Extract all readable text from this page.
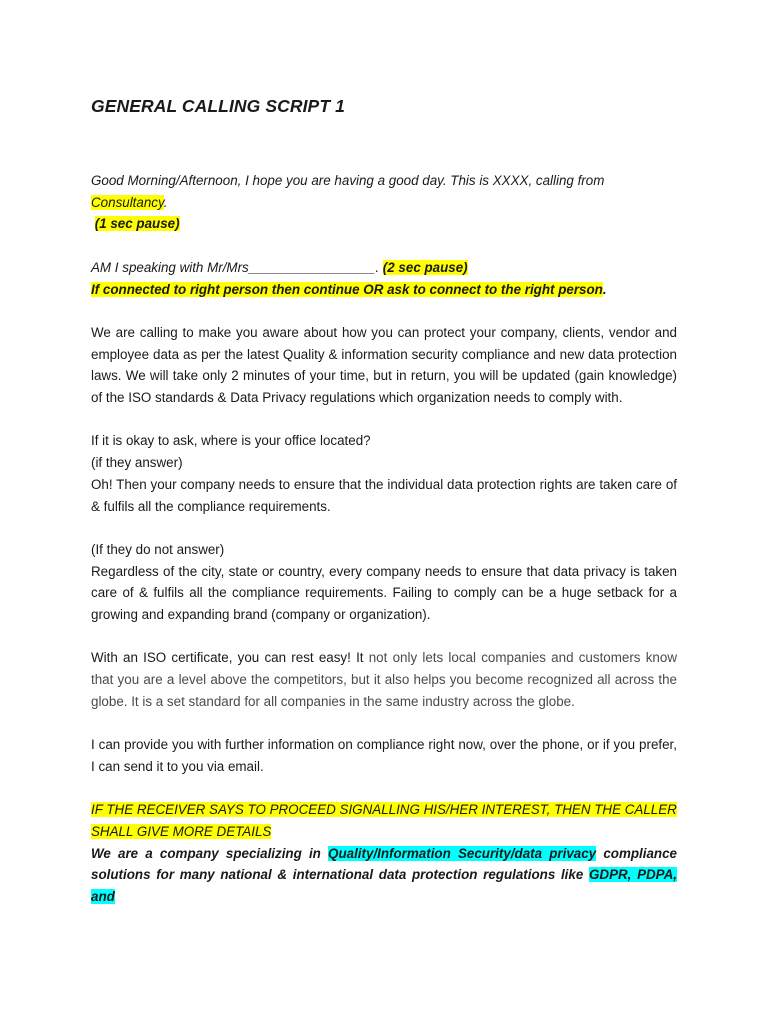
GENERAL CALLING SCRIPT 1

Good Morning/Afternoon, I hope you are having a good day. This is XXXX, calling from
Consultancy.
(1 sec pause)

AM I speaking with Mr/Mrs_________________. (2 sec pause)
If connected to right person then continue OR ask to connect to the right person.

We are calling to make you aware about how you can protect your company, clients, vendor and employee data as per the latest Quality & information security compliance and new data protection laws. We will take only 2 minutes of your time, but in return, you will be updated (gain knowledge) of the ISO standards & Data Privacy regulations which organization needs to comply with.

If it is okay to ask, where is your office located?
(if they answer)
Oh! Then your company needs to ensure that the individual data protection rights are taken care of & fulfils all the compliance requirements.

(If they do not answer)
Regardless of the city, state or country, every company needs to ensure that data privacy is taken care of & fulfils all the compliance requirements. Failing to comply can be a huge setback for a growing and expanding brand (company or organization).

With an ISO certificate, you can rest easy! It not only lets local companies and customers know that you are a level above the competitors, but it also helps you become recognized all across the globe. It is a set standard for all companies in the same industry across the globe.

I can provide you with further information on compliance right now, over the phone, or if you prefer, I can send it to you via email.

IF THE RECEIVER SAYS TO PROCEED SIGNALLING HIS/HER INTEREST, THEN THE CALLER SHALL GIVE MORE DETAILS

We are a company specializing in Quality/Information Security/data privacy compliance solutions for many national & international data protection regulations like GDPR, PDPA, and
